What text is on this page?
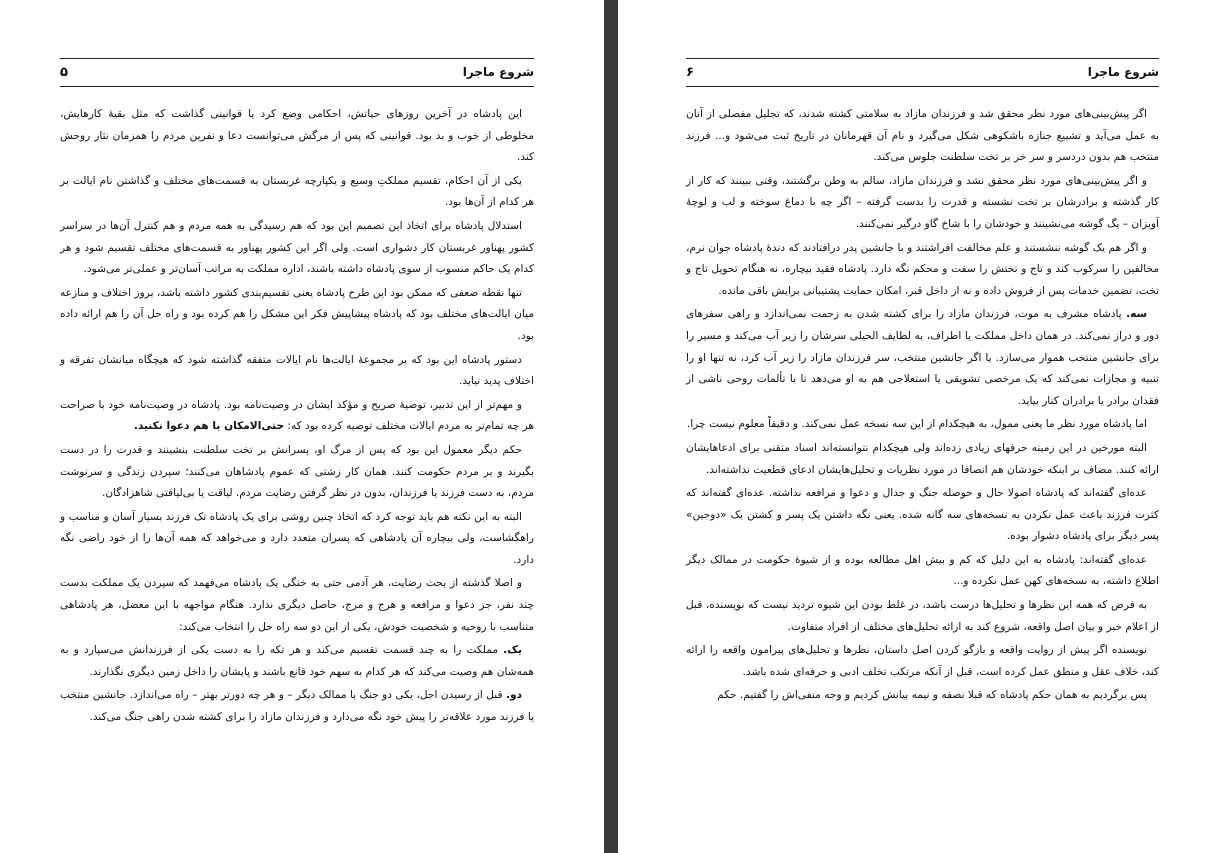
۵	شروع ماجرا

این پادشاه در آخرین روزهای حیاتش، احکامی وضع کرد یا قوانینی گذاشت که مثل بقیهٔ کارهایش، مخلوطی از خوب و بد بود. قوانینی که پس از مرگش می‌توانست دعا و نفرین مردم را همزمان نثار روحش کند.

یکی از آن احکام، تقسیم مملکتِ وسیع و یکپارچه غربستان به قسمت‌های مختلف و گذاشتن نام ایالت بر هر کدام از آن‌ها بود.

استدلال پادشاه برای اتخاذ این تصمیم این بود که هم رسیدگی به همه مردم و هم کنترل آن‌ها در سراسر کشور پهناور غربستان کار دشواری است. ولی اگر این کشور پهناور به قسمت‌های مختلف تقسیم شود و هر کدام یک حاکم منسوب از سوی پادشاه داشته باشند، اداره مملکت به مراتب آسان‌تر و عملی‌تر می‌شود.

تنها نقطه ضعفی که ممکن بود این طرح پادشاه یعنی تقسیم‌بندی کشور داشته باشد، بروز اختلاف و منازعه میان ایالت‌های مختلف بود که پادشاه پیشاپیش فکر این مشکل را هم کرده بود و راه حل آن را هم ارائه داده بود.

دستور پادشاه این بود که بر مجموعهٔ ایالت‌ها نام ایالات متفقه گذاشته شود که هیچگاه میانشان تفرقه و اختلاف پدید نیاید.

و مهم‌تر از این تدبیر، توصیهٔ صریح و مؤکد ایشان در وصیت‌نامه بود. پادشاه در وصیت‌نامه خود با صراحت هر چه تمام‌تر به مردم ایالات مختلف توصیه کرده بود که: حتی‌الامکان با هم دعوا نکنید.

حکم دیگر معمول این بود که پس از مرگ او، پسرانش بر تخت سلطنت بنشینند و قدرت را در دست بگیرند و بر مردم حکومت کنند. همان کار زشتی که عموم پادشاهان می‌کنند؛ سپردن زندگی و سرنوشت مردم، به دست فرزند یا فرزندان، بدون در نظر گرفتن رضایت مردم. لیاقت یا بی‌لیاقتی شاهزادگان.

البته به این نکته هم باید توجه کرد که اتخاذ چنین روشی برای یک پادشاه تک فرزند بسیار آسان و مناسب و راهگشاست، ولی بیچاره آن پادشاهی که پسران متعدد دارد و می‌خواهد که همه آن‌ها را از خود راضی نگه دارد.

و اصلا گذشته از بحث رضایت، هر آدمی حتی به خنگی یک پادشاه می‌فهمد که سپردن یک مملکت بدست چند نفر، جز دعوا و مرافعه و هرج و مرج، حاصل دیگری ندارد. هنگام مواجهه با این معضل، هر پادشاهی متناسب با روحیه و شخصیت خودش، یکی از این دو سه راه حل را انتخاب می‌کند:

یک. مملکت را به چند قسمت تقسیم می‌کند و هر تکه را به دست یکی از فرزندانش می‌سپارد و به همه‌شان هم وصیت می‌کند که هر کدام به سهم خود قانع باشند و پایشان را داخل زمین دیگری نگذارند.

دو. قبل از رسیدن اجل، یکی دو جنگ با ممالک دیگر – و هر چه دورتر بهتر – راه می‌اندازد. جانشین منتخب یا فرزند مورد علاقه‌تر را پیش خود نگه می‌دارد و فرزندان مازاد را برای کشته شدن راهی جنگ می‌کند.

۶	شروع ماجرا

اگر پیش‌بینی‌های مورد نظر محقق شد و فرزندان مازاد به سلامتی کشته شدند، که تجلیل مفصلی از آنان به عمل می‌آید و تشییع جنازه باشکوهی شکل می‌گیرد و نام آن قهرمانان در تاریخ ثبت می‌شود و... فرزند منتخب هم بدون دردسر و سر خر بر تخت سلطنت جلوس می‌کند.

و اگر پیش‌بینی‌های مورد نظر محقق نشد و فرزندان مازاد، سالم به وطن برگشتند، وقتی ببینند که کار از کار گذشته و برادرشان بر تخت نشسته و قدرت را بدست گرفته – اگر چه با دماغ سوخته و لب و لوچهٔ آویزان – یگ گوشه می‌نشینند و خودشان را با شاخ گاو درگیر نمی‌کنند.

و اگر هم یک گوشه ننشستند و علم مخالفت افراشتند و با جانشین پدر درافتادند که دندهٔ پادشاه جوان نرم، مخالفین را سرکوب کند و تاج و تختش را سفت و محکم نگه دارد. پادشاه فقید بیچاره، نه هنگام تحویل تاج و تخت، تضمین خدمات پس از فروش داده و نه از داخل قبر، امکان حمایت پشتیبانی برایش باقی مانده.

سه. پادشاه مشرف به موت، فرزندان مازاد را برای کشته شدن به زحمت نمی‌اندازد و راهی سفرهای دور و دراز نمی‌کند. در همان داخل مملکت یا اطراف، به لطایف الحیلی سرشان را زیر آب می‌کند و مسیر را برای جانشین منتخب هموار می‌سازد. یا اگر جانشین منتخب، سر فرزندان مازاد را زیر آب کرد، نه تنها او را تنبیه و مجازات نمی‌کند که یک مرخصی تشویقی یا استعلاجی هم به او می‌دهد تا با تألمات روحی ناشی از فقدان برادر یا برادران کنار بیاید.

اما پادشاه مورد نظر ما یعنی ممول، به هیچکدام از این سه نسخه عمل نمی‌کند. و دقیقاً معلوم نیست چرا.

البته مورخین در این زمینه حرفهای زیادی زده‌اند ولی هیچکدام نتوانسته‌اند اسناد متقنی برای ادعاهایشان ارائه کنند. مضاف بر اینکه خودشان هم انصافا در مورد نظریات و تحلیل‌هایشان ادعای قطعیت نداشته‌اند.

عده‌ای گفته‌اند که پادشاه اصولا حال و حوصله جنگ و جدال و دعوا و مرافعه نداشته. عده‌ای گفته‌اند که کثرت فرزند باعث عمل نکردن به نسخه‌های سه گانه شده. یعنی نگه داشتن یک پسر و کشتن یک «دوجین» پسر دیگر برای پادشاه دشوار بوده.

عده‌ای گفته‌اند: پادشاه به این دلیل که کم و بیش اهل مطالعه بوده و از شیوهٔ حکومت در ممالک دیگر اطلاع داشته، به نسخه‌های کهن عمل نکرده و...

به فرض که همه این نظرها و تحلیل‌ها درست باشد، در غلط بودن این شیوه تردید نیست که نویسنده، قبل از اعلام خبر و بیان اصل واقعه، شروع کند به ارائه تحلیل‌های مختلف از افراد متفاوت.

نویسنده اگر پیش از روایت واقعه و بازگو کردن اصل داستان، نظرها و تحلیل‌های پیرامون واقعه را ارائه کند، خلاف عقل و منطق عمل کرده است، قبل از آنکه مرتکب تخلف ادبی و حرفه‌ای شده باشد.

پس برگردیم به همان حکم پادشاه که قبلا نصفه و نیمه بیانش کردیم و وجه منفی‌اش را گفتیم. حکم
